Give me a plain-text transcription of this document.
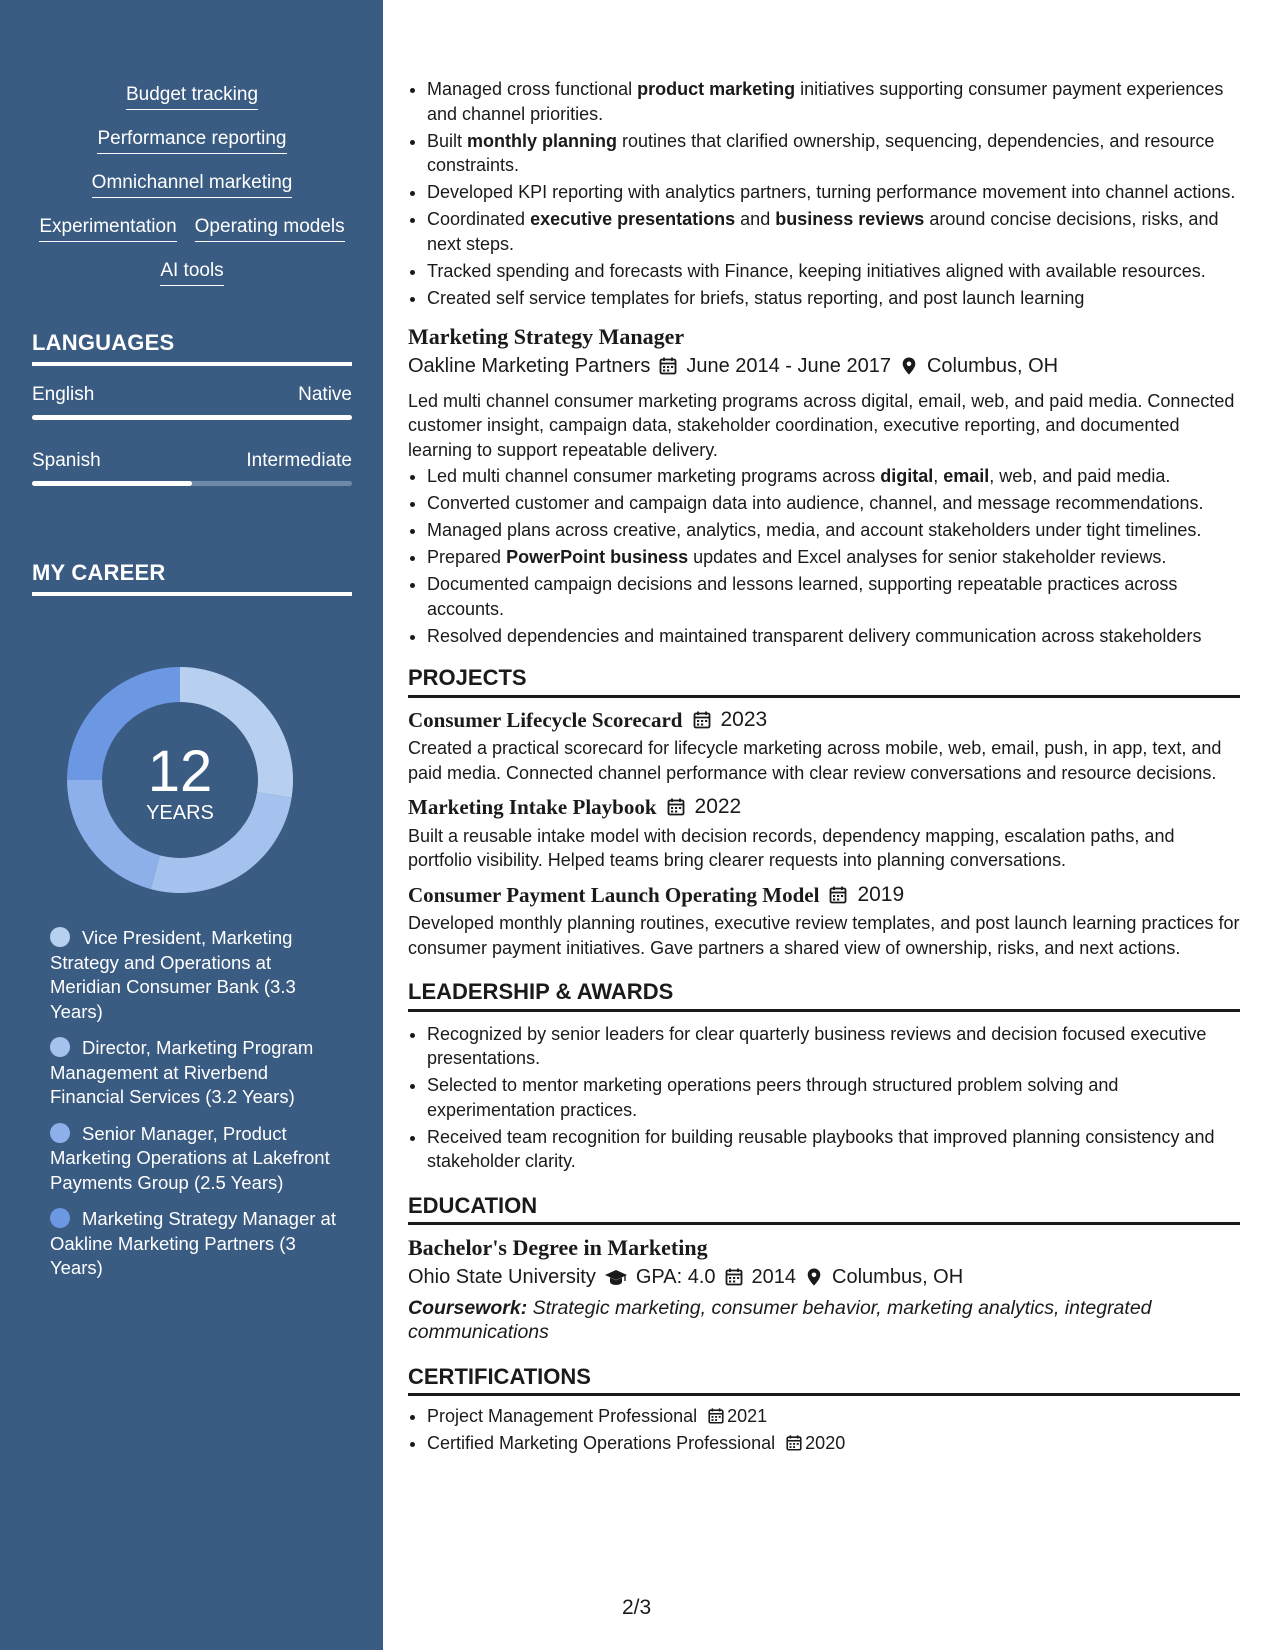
Budget tracking
Performance reporting
Omnichannel marketing
Experimentation Operating models
AI tools
LANGUAGES
English	Native
Spanish	Intermediate
MY CAREER
12
YEARS
Vice President, Marketing Strategy and Operations at Meridian Consumer Bank (3.3 Years)
Director, Marketing Program Management at Riverbend Financial Services (3.2 Years)
Senior Manager, Product Marketing Operations at Lakefront Payments Group (2.5 Years)
Marketing Strategy Manager at Oakline Marketing Partners (3 Years)
• Managed cross functional product marketing initiatives supporting consumer payment experiences and channel priorities.
• Built monthly planning routines that clarified ownership, sequencing, dependencies, and resource constraints.
• Developed KPI reporting with analytics partners, turning performance movement into channel actions.
• Coordinated executive presentations and business reviews around concise decisions, risks, and next steps.
• Tracked spending and forecasts with Finance, keeping initiatives aligned with available resources.
• Created self service templates for briefs, status reporting, and post launch learning
Marketing Strategy Manager
Oakline Marketing Partners June 2014 - June 2017 Columbus, OH

Led multi channel consumer marketing programs across digital, email, web, and paid media. Connected customer insight, campaign data, stakeholder coordination, executive reporting, and documented learning to support repeatable delivery.

• Led multi channel consumer marketing programs across digital, email, web, and paid media.
• Converted customer and campaign data into audience, channel, and message recommendations.
• Managed plans across creative, analytics, media, and account stakeholders under tight timelines.
• Prepared PowerPoint business updates and Excel analyses for senior stakeholder reviews.
• Documented campaign decisions and lessons learned, supporting repeatable practices across accounts.
• Resolved dependencies and maintained transparent delivery communication across stakeholders
PROJECTS
Consumer Lifecycle Scorecard 2023

Created a practical scorecard for lifecycle marketing across mobile, web, email, push, in app, text, and paid media. Connected channel performance with clear review conversations and resource decisions.

Marketing Intake Playbook 2022

Built a reusable intake model with decision records, dependency mapping, escalation paths, and portfolio visibility. Helped teams bring clearer requests into planning conversations.

Consumer Payment Launch Operating Model 2019

Developed monthly planning routines, executive review templates, and post launch learning practices for consumer payment initiatives. Gave partners a shared view of ownership, risks, and next actions.

LEADERSHIP & AWARDS
• Recognized by senior leaders for clear quarterly business reviews and decision focused executive presentations.
• Selected to mentor marketing operations peers through structured problem solving and experimentation practices.
• Received team recognition for building reusable playbooks that improved planning consistency and stakeholder clarity.
EDUCATION
Bachelor's Degree in Marketing
Ohio State University GPA: 4.0 2014 Columbus, OH

Coursework: Strategic marketing, consumer behavior, marketing analytics, integrated communications

CERTIFICATIONS
• Project Management Professional 2021
• Certified Marketing Operations Professional 2020
2/3
